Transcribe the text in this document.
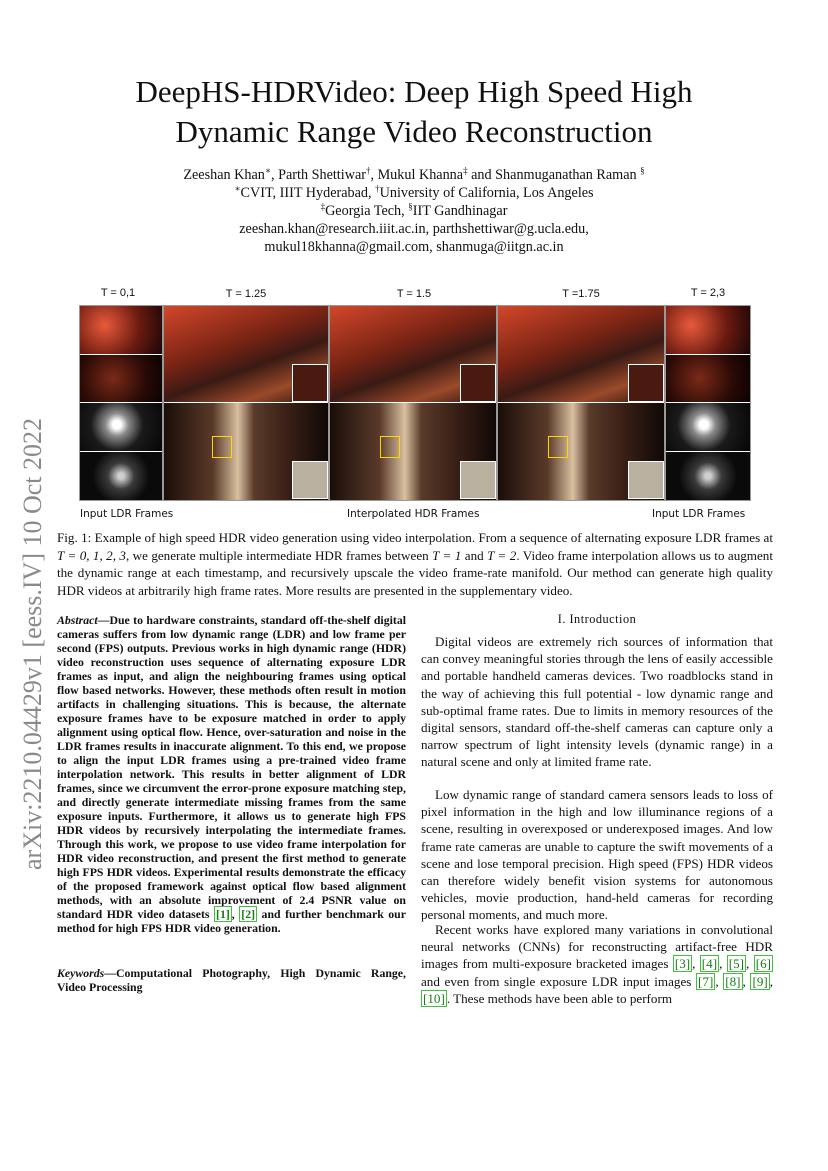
DeepHS-HDRVideo: Deep High Speed High
Dynamic Range Video Reconstruction
Zeeshan Khan∗, Parth Shettiwar†, Mukul Khanna‡ and Shanmuganathan Raman §
∗CVIT, IIIT Hyderabad, †University of California, Los Angeles
‡Georgia Tech, §IIT Gandhinagar
zeeshan.khan@research.iiit.ac.in, parthshettiwar@g.ucla.edu,
mukul18khanna@gmail.com, shanmuga@iitgn.ac.in
arXiv:2210.04429v1 [eess.IV] 10 Oct 2022
T = 0,1	T = 1.25	T = 1.5	T =1.75	T = 2,3
Input LDR Frames	Interpolated HDR Frames	Input LDR Frames
Fig. 1: Example of high speed HDR video generation using video interpolation. From a sequence of alternating exposure LDR frames at T = 0, 1, 2, 3, we generate multiple intermediate HDR frames between T = 1 and T = 2. Video frame interpolation allows us to augment the dynamic range at each timestamp, and recursively upscale the video frame-rate manifold. Our method can generate high quality HDR videos at arbitrarily high frame rates. More results are presented in the supplementary video.
Abstract—Due to hardware constraints, standard off-the-shelf digital cameras suffers from low dynamic range (LDR) and low frame per second (FPS) outputs. Previous works in high dynamic range (HDR) video reconstruction uses sequence of alternating exposure LDR frames as input, and align the neighbouring frames using optical flow based networks. However, these methods often result in motion artifacts in challenging situations. This is because, the alternate exposure frames have to be exposure matched in order to apply alignment using optical flow. Hence, over-saturation and noise in the LDR frames results in inaccurate alignment. To this end, we propose to align the input LDR frames using a pre-trained video frame interpolation network. This results in better alignment of LDR frames, since we circumvent the error-prone exposure matching step, and directly generate intermediate missing frames from the same exposure inputs. Furthermore, it allows us to generate high FPS HDR videos by recursively interpolating the intermediate frames. Through this work, we propose to use video frame interpolation for HDR video reconstruction, and present the first method to generate high FPS HDR videos. Experimental results demonstrate the efficacy of the proposed framework against optical flow based alignment methods, with an absolute improvement of 2.4 PSNR value on standard HDR video datasets [1] , [2] and further benchmark our method for high FPS HDR video generation.
Keywords—Computational Photography, High Dynamic Range, Video Processing
I. Introduction
Digital videos are extremely rich sources of information that can convey meaningful stories through the lens of easily accessible and portable handheld cameras devices. Two roadblocks stand in the way of achieving this full potential - low dynamic range and sub-optimal frame rates. Due to limits in memory resources of the digital sensors, standard off-the-shelf cameras can capture only a narrow spectrum of light intensity levels (dynamic range) in a natural scene and only at limited frame rate.
Low dynamic range of standard camera sensors leads to loss of pixel information in the high and low illuminance regions of a scene, resulting in overexposed or underexposed images. And low frame rate cameras are unable to capture the swift movements of a scene and lose temporal precision. High speed (FPS) HDR videos can therefore widely benefit vision systems for autonomous vehicles, movie production, hand-held cameras for recording personal moments, and much more.
Recent works have explored many variations in convolutional neural networks (CNNs) for reconstructing artifact-free HDR images from multi-exposure bracketed images [3] , [4] , [5] , [6] and even from single exposure LDR input images [7] , [8] , [9] , [10] . These methods have been able to perform
